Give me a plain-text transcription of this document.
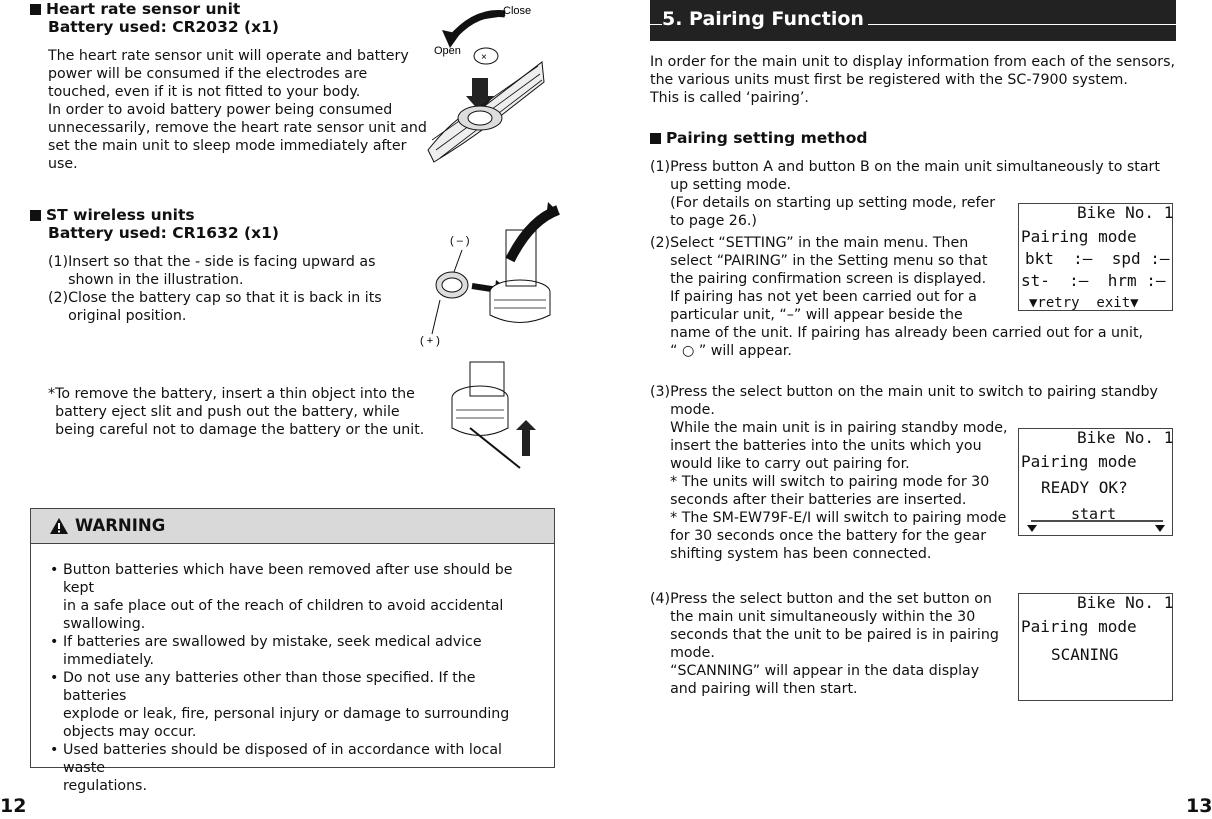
Heart rate sensor unit
Battery used: CR2032 (x1)
The heart rate sensor unit will operate and battery
power will be consumed if the electrodes are
touched, even if it is not fitted to your body.
In order to avoid battery power being consumed
unnecessarily, remove the heart rate sensor unit and
set the main unit to sleep mode immediately after
use.
Close
Open
×
ST wireless units
Battery used: CR1632 (x1)
(1) Insert so that the - side is facing upward as
shown in the illustration.
(2) Close the battery cap so that it is back in its
original position.
( – )
( + )
* To remove the battery, insert a thin object into the
battery eject slit and push out the battery, while
being careful not to damage the battery or the unit.
WARNING
• Button batteries which have been removed after use should be kept
in a safe place out of the reach of children to avoid accidental
swallowing.
• If batteries are swallowed by mistake, seek medical advice
immediately.
• Do not use any batteries other than those specified. If the batteries
explode or leak, fire, personal injury or damage to surrounding
objects may occur.
• Used batteries should be disposed of in accordance with local waste
regulations.
12
5. Pairing Function
In order for the main unit to display information from each of the sensors,
the various units must first be registered with the SC-7900 system.
This is called ‘pairing’.
Pairing setting method
(1) Press button A and button B on the main unit simultaneously to start
up setting mode.
(For details on starting up setting mode, refer
to page 26.)
(2) Select “SETTING” in the main menu. Then
select “PAIRING” in the Setting menu so that
the pairing confirmation screen is displayed.
If pairing has not yet been carried out for a
particular unit, “–” will appear beside the
name of the unit. If pairing has already been carried out for a unit,
“ ○ ” will appear.
(3) Press the select button on the main unit to switch to pairing standby
mode.
While the main unit is in pairing standby mode,
insert the batteries into the units which you
would like to carry out pairing for.
* The units will switch to pairing mode for 30
seconds after their batteries are inserted.
* The SM-EW79F-E/I will switch to pairing mode
for 30 seconds once the battery for the gear
shifting system has been connected.
(4) Press the select button and the set button on
the main unit simultaneously within the 30
seconds that the unit to be paired is in pairing
mode.
“SCANNING” will appear in the data display
and pairing will then start.
Bike No. 1
Pairing mode
bkt  :—  spd :—
st-  :—  hrm :—
▼retry  exit▼
Bike No. 1
Pairing mode
READY OK?
start
Bike No. 1
Pairing mode
SCANING
13
